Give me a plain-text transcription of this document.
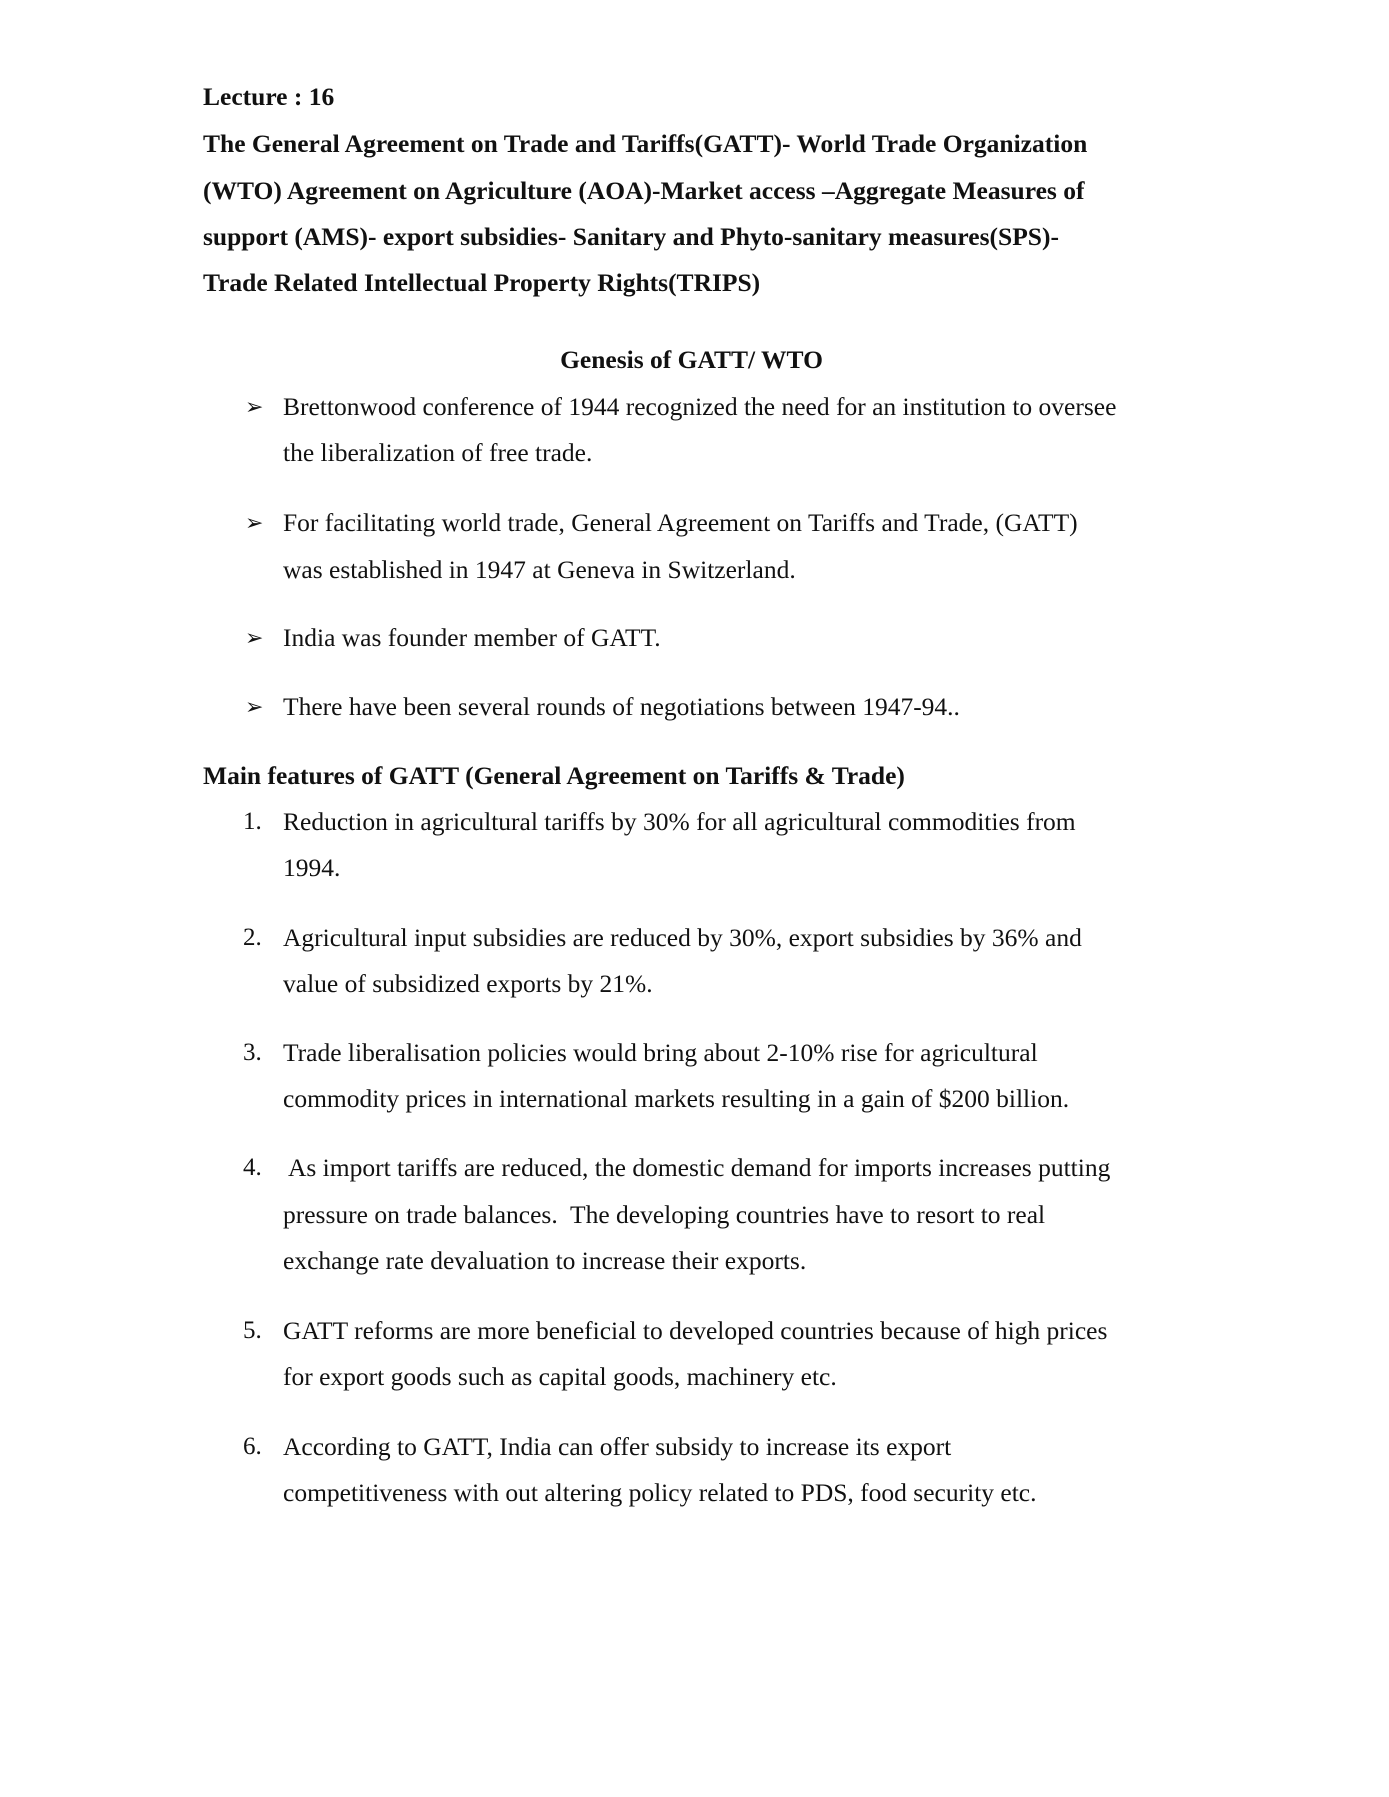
Lecture : 16
The General Agreement on Trade and Tariffs(GATT)- World Trade Organization
(WTO) Agreement on Agriculture (AOA)-Market access –Aggregate Measures of
support (AMS)- export subsidies- Sanitary and Phyto-sanitary measures(SPS)-
Trade Related Intellectual Property Rights(TRIPS)
Genesis of GATT/ WTO
➢ Brettonwood conference of 1944 recognized the need for an institution to oversee
the liberalization of free trade.
➢ For facilitating world trade, General Agreement on Tariffs and Trade, (GATT)
was established in 1947 at Geneva in Switzerland.
➢ India was founder member of GATT.
➢ There have been several rounds of negotiations between 1947-94..
Main features of GATT (General Agreement on Tariffs & Trade)
1. Reduction in agricultural tariffs by 30% for all agricultural commodities from
1994.
2. Agricultural input subsidies are reduced by 30%, export subsidies by 36% and
value of subsidized exports by 21%.
3. Trade liberalisation policies would bring about 2-10% rise for agricultural
commodity prices in international markets resulting in a gain of $200 billion.
4. As import tariffs are reduced, the domestic demand for imports increases putting
pressure on trade balances.  The developing countries have to resort to real
exchange rate devaluation to increase their exports.
5. GATT reforms are more beneficial to developed countries because of high prices
for export goods such as capital goods, machinery etc.
6. According to GATT, India can offer subsidy to increase its export
competitiveness with out altering policy related to PDS, food security etc.
